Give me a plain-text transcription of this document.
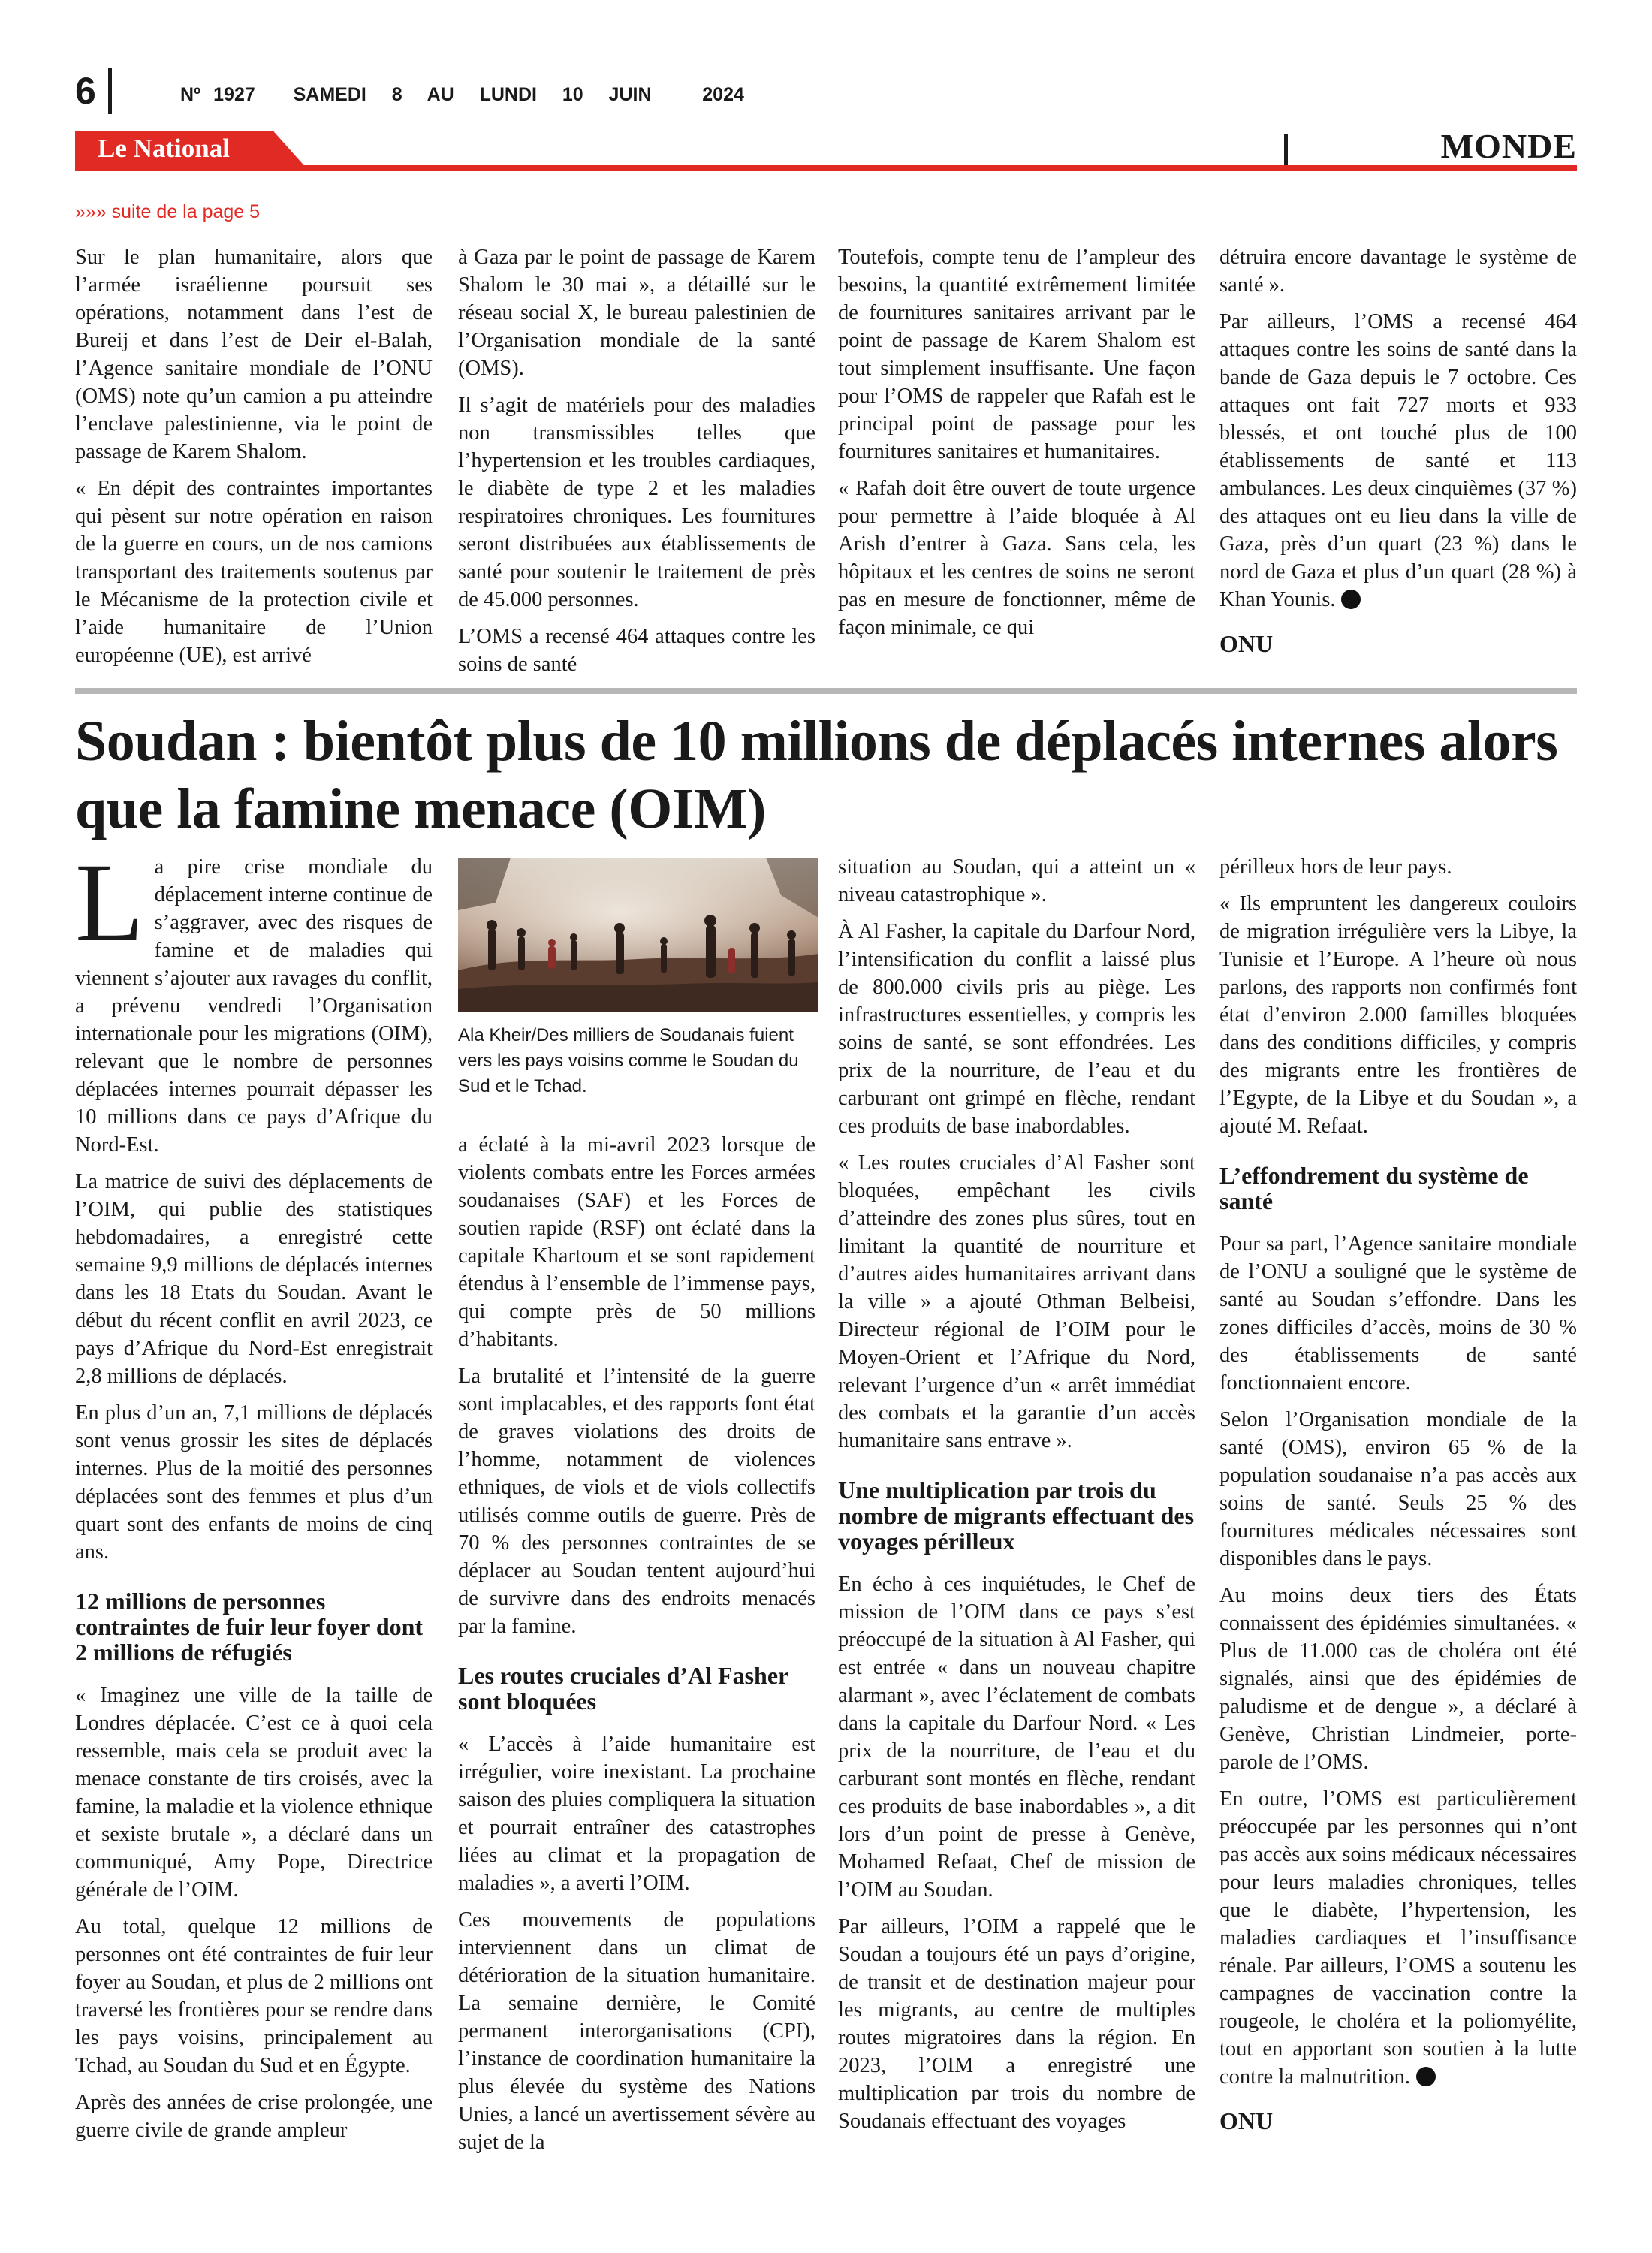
6	Nº 1927   SAMEDI  8  AU  LUNDI  10  JUIN    2024
Le National	MONDE
»»» suite de la page 5

Sur le plan humanitaire, alors que l’armée israélienne poursuit ses opérations, notamment dans l’est de Bureij et dans l’est de Deir el-Balah, l’Agence sanitaire mondiale de l’ONU (OMS) note qu’un camion a pu atteindre l’enclave palestinienne, via le point de passage de Karem Shalom.

« En dépit des contraintes importantes qui pèsent sur notre opération en raison de la guerre en cours, un de nos camions transportant des traitements soutenus par le Mécanisme de la protection civile et l’aide humanitaire de l’Union européenne (UE), est arrivé

à Gaza par le point de passage de Karem Shalom le 30 mai », a détaillé sur le réseau social X, le bureau palestinien de l’Organisation mondiale de la santé (OMS).

Il s’agit de matériels pour des maladies non transmissibles telles que l’hypertension et les troubles cardiaques, le diabète de type 2 et les maladies respiratoires chroniques. Les fournitures seront distribuées aux établissements de santé pour soutenir le traitement de près de 45.000 personnes.

L’OMS a recensé 464 attaques contre les soins de santé

Toutefois, compte tenu de l’ampleur des besoins, la quantité extrêmement limitée de fournitures sanitaires arrivant par le point de passage de Karem Shalom est tout simplement insuffisante. Une façon pour l’OMS de rappeler que Rafah est le principal point de passage pour les fournitures sanitaires et humanitaires.

« Rafah doit être ouvert de toute urgence pour permettre à l’aide bloquée à Al Arish d’entrer à Gaza. Sans cela, les hôpitaux et les centres de soins ne seront pas en mesure de fonctionner, même de façon minimale, ce qui

détruira encore davantage le système de santé ».

Par ailleurs, l’OMS a recensé 464 attaques contre les soins de santé dans la bande de Gaza depuis le 7 octobre. Ces attaques ont fait 727 morts et 933 blessés, et ont touché plus de 100 établissements de santé et 113 ambulances. Les deux cinquièmes (37 %) des attaques ont eu lieu dans la ville de Gaza, près d’un quart (23 %) dans le nord de Gaza et plus d’un quart (28 %) à Khan Younis.

ONU
Soudan : bientôt plus de 10 millions de déplacés internes alors que la famine menace (OIM)

La pire crise mondiale du déplacement interne continue de s’aggraver, avec des risques de famine et de maladies qui viennent s’ajouter aux ravages du conflit, a prévenu vendredi l’Organisation internationale pour les migrations (OIM), relevant que le nombre de personnes déplacées internes pourrait dépasser les 10 millions dans ce pays d’Afrique du Nord-Est.

La matrice de suivi des déplacements de l’OIM, qui publie des statistiques hebdomadaires, a enregistré cette semaine 9,9 millions de déplacés internes dans les 18 Etats du Soudan. Avant le début du récent conflit en avril 2023, ce pays d’Afrique du Nord-Est enregistrait 2,8 millions de déplacés.

En plus d’un an, 7,1 millions de déplacés sont venus grossir les sites de déplacés internes. Plus de la moitié des personnes déplacées sont des femmes et plus d’un quart sont des enfants de moins de cinq ans.

12 millions de personnes contraintes de fuir leur foyer dont 2 millions de réfugiés

« Imaginez une ville de la taille de Londres déplacée. C’est ce à quoi cela ressemble, mais cela se produit avec la menace constante de tirs croisés, avec la famine, la maladie et la violence ethnique et sexiste brutale », a déclaré dans un communiqué, Amy Pope, Directrice générale de l’OIM.

Au total, quelque 12 millions de personnes ont été contraintes de fuir leur foyer au Soudan, et plus de 2 millions ont traversé les frontières pour se rendre dans les pays voisins, principalement au Tchad, au Soudan du Sud et en Égypte.

Après des années de crise prolongée, une guerre civile de grande ampleur

Ala Kheir/Des milliers de Soudanais fuient vers les pays voisins comme le Soudan du Sud et le Tchad.

a éclaté à la mi-avril 2023 lorsque de violents combats entre les Forces armées soudanaises (SAF) et les Forces de soutien rapide (RSF) ont éclaté dans la capitale Khartoum et se sont rapidement étendus à l’ensemble de l’immense pays, qui compte près de 50 millions d’habitants.

La brutalité et l’intensité de la guerre sont implacables, et des rapports font état de graves violations des droits de l’homme, notamment de violences ethniques, de viols et de viols collectifs utilisés comme outils de guerre. Près de 70 % des personnes contraintes de se déplacer au Soudan tentent aujourd’hui de survivre dans des endroits menacés par la famine.

Les routes cruciales d’Al Fasher sont bloquées

« L’accès à l’aide humanitaire est irrégulier, voire inexistant. La prochaine saison des pluies compliquera la situation et pourrait entraîner des catastrophes liées au climat et la propagation de maladies », a averti l’OIM.

Ces mouvements de populations interviennent dans un climat de détérioration de la situation humanitaire. La semaine dernière, le Comité permanent interorganisations (CPI), l’instance de coordination humanitaire la plus élevée du système des Nations Unies, a lancé un avertissement sévère au sujet de la

situation au Soudan, qui a atteint un « niveau catastrophique ».

À Al Fasher, la capitale du Darfour Nord, l’intensification du conflit a laissé plus de 800.000 civils pris au piège. Les infrastructures essentielles, y compris les soins de santé, se sont effondrées. Les prix de la nourriture, de l’eau et du carburant ont grimpé en flèche, rendant ces produits de base inabordables.

« Les routes cruciales d’Al Fasher sont bloquées, empêchant les civils d’atteindre des zones plus sûres, tout en limitant la quantité de nourriture et d’autres aides humanitaires arrivant dans la ville » a ajouté Othman Belbeisi, Directeur régional de l’OIM pour le Moyen-Orient et l’Afrique du Nord, relevant l’urgence d’un « arrêt immédiat des combats et la garantie d’un accès humanitaire sans entrave ».

Une multiplication par trois du nombre de migrants effectuant des voyages périlleux

En écho à ces inquiétudes, le Chef de mission de l’OIM dans ce pays s’est préoccupé de la situation à Al Fasher, qui est entrée « dans un nouveau chapitre alarmant », avec l’éclatement de combats dans la capitale du Darfour Nord. « Les prix de la nourriture, de l’eau et du carburant sont montés en flèche, rendant ces produits de base inabordables », a dit lors d’un point de presse à Genève, Mohamed Refaat, Chef de mission de l’OIM au Soudan.

Par ailleurs, l’OIM a rappelé que le Soudan a toujours été un pays d’origine, de transit et de destination majeur pour les migrants, au centre de multiples routes migratoires dans la région. En 2023, l’OIM a enregistré une multiplication par trois du nombre de Soudanais effectuant des voyages

périlleux hors de leur pays.

« Ils empruntent les dangereux couloirs de migration irrégulière vers la Libye, la Tunisie et l’Europe. A l’heure où nous parlons, des rapports non confirmés font état d’environ 2.000 familles bloquées dans des conditions difficiles, y compris des migrants entre les frontières de l’Egypte, de la Libye et du Soudan », a ajouté M. Refaat.

L’effondrement du système de santé

Pour sa part, l’Agence sanitaire mondiale de l’ONU a souligné que le système de santé au Soudan s’effondre. Dans les zones difficiles d’accès, moins de 30 % des établissements de santé fonctionnaient encore.

Selon l’Organisation mondiale de la santé (OMS), environ 65 % de la population soudanaise n’a pas accès aux soins de santé. Seuls 25 % des fournitures médicales nécessaires sont disponibles dans le pays.

Au moins deux tiers des États connaissent des épidémies simultanées. « Plus de 11.000 cas de choléra ont été signalés, ainsi que des épidémies de paludisme et de dengue », a déclaré à Genève, Christian Lindmeier, porte-parole de l’OMS.

En outre, l’OMS est particulièrement préoccupée par les personnes qui n’ont pas accès aux soins médicaux nécessaires pour leurs maladies chroniques, telles que le diabète, l’hypertension, les maladies cardiaques et l’insuffisance rénale. Par ailleurs, l’OMS a soutenu les campagnes de vaccination contre la rougeole, le choléra et la poliomyélite, tout en apportant son soutien à la lutte contre la malnutrition.

ONU
